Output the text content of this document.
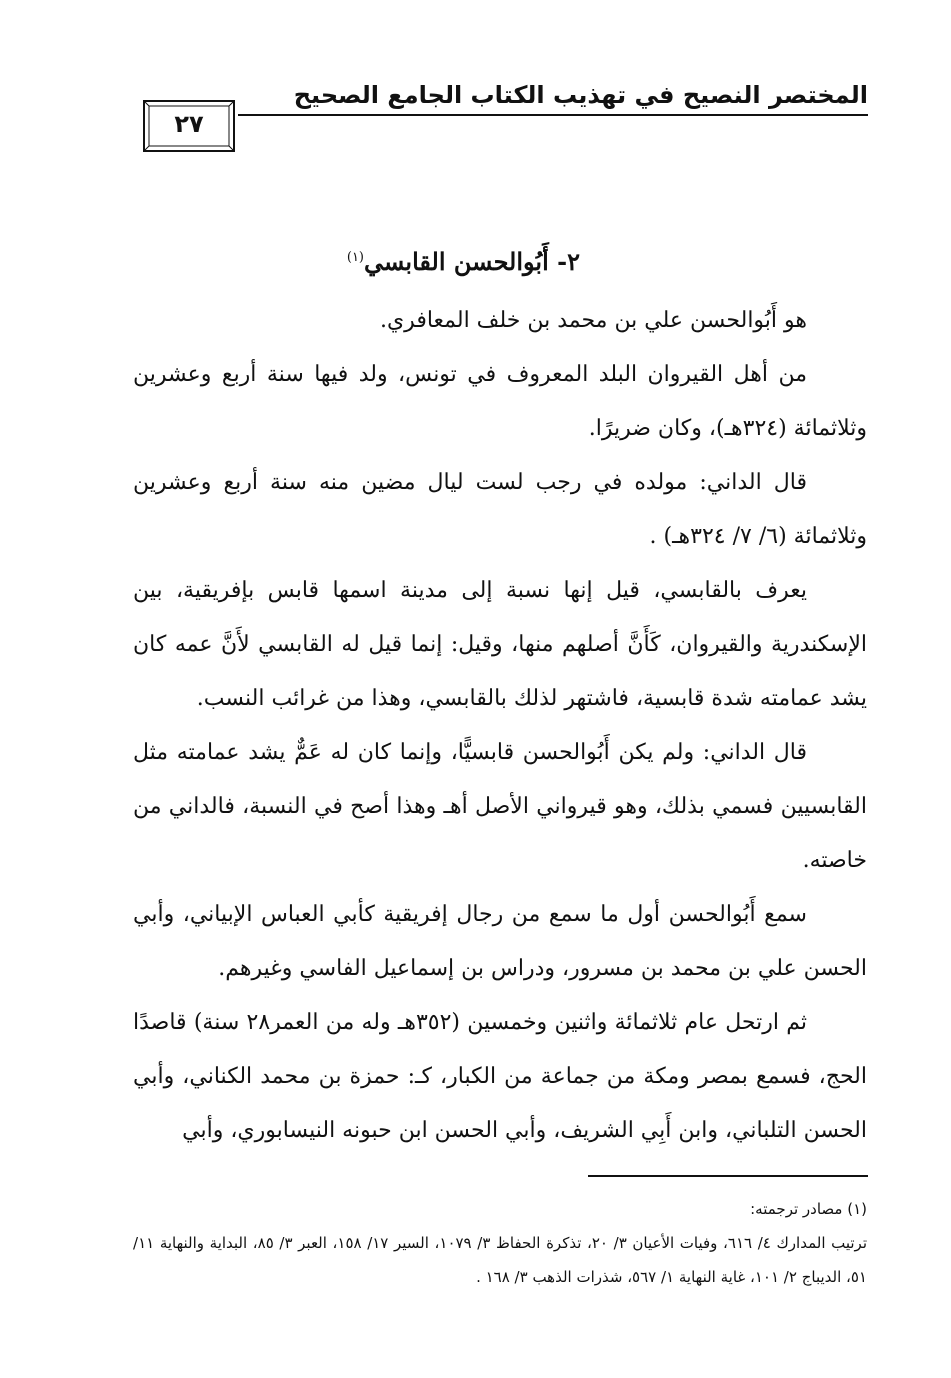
المختصر النصيح في تهذيب الكتاب الجامع الصحيح
٢٧
٢- أَبُوالحسن القابسي$^{(١)}$

هو أَبُوالحسن علي بن محمد بن خلف المعافري.

من أهل القيروان البلد المعروف في تونس، ولد فيها سنة أربع وعشرين وثلاثمائة (٣٢٤هـ)، وكان ضريرًا.

قال الداني: مولده في رجب لست ليال مضين منه سنة أربع وعشرين وثلاثمائة (٦/ ٧/ ٣٢٤هـ) .

يعرف بالقابسي، قيل إنها نسبة إلى مدينة اسمها قابس بإفريقية، بين الإسكندرية والقيروان، كَأَنَّ أصلهم منها، وقيل: إنما قيل له القابسي لأَنَّ عمه كان يشد عمامته شدة قابسية، فاشتهر لذلك بالقابسي، وهذا من غرائب النسب.

قال الداني: ولم يكن أَبُوالحسن قابسيًّا، وإنما كان له عَمٌّ يشد عمامته مثل القابسيين فسمي بذلك، وهو قيرواني الأصل أهـ وهذا أصح في النسبة، فالداني من خاصته.

سمع أَبُوالحسن أول ما سمع من رجال إفريقية كأبي العباس الإبياني، وأبي الحسن علي بن محمد بن مسرور، ودراس بن إسماعيل الفاسي وغيرهم.

ثم ارتحل عام ثلاثمائة واثنين وخمسين (٣٥٢هـ وله من العمر٢٨ سنة) قاصدًا الحج، فسمع بمصر ومكة من جماعة من الكبار، كـ: حمزة بن محمد الكناني، وأبي الحسن التلباني، وابن أَبِي الشريف، وأبي الحسن ابن حبونه النيسابوري، وأبي

(١) مصادر ترجمته:

ترتيب المدارك ٤/ ٦١٦، وفيات الأعيان ٣/ ٢٠، تذكرة الحفاظ ٣/ ١٠٧٩، السير ١٧/ ١٥٨، العبر ٣/ ٨٥، البداية والنهاية ١١/ ٥١، الديباج ٢/ ١٠١، غاية النهاية ١/ ٥٦٧، شذرات الذهب ٣/ ١٦٨ .
